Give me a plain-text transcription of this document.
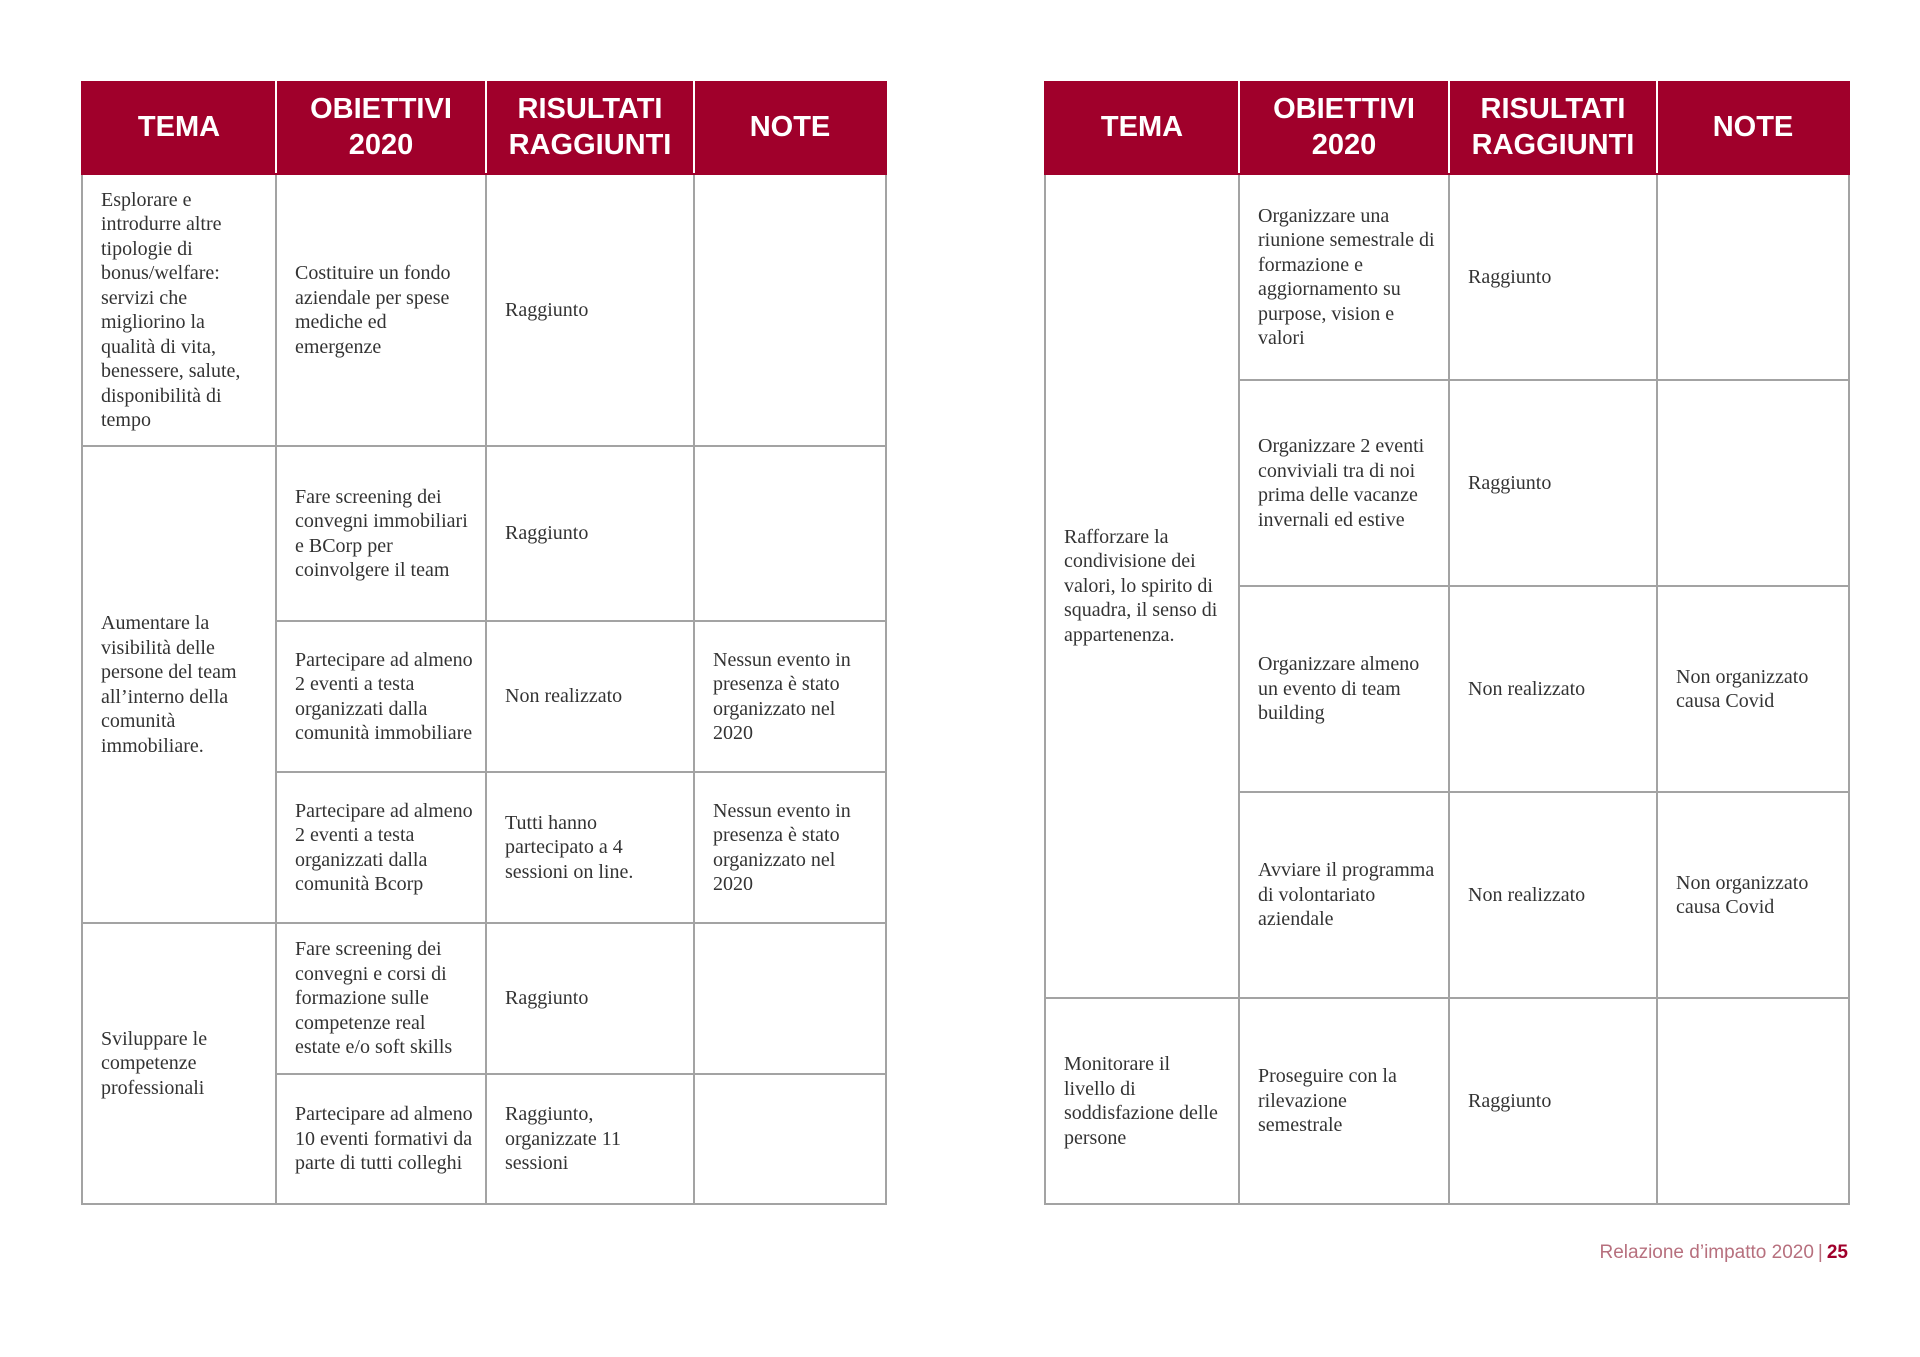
TEMA	OBIETTIVI 2020	RISULTATI RAGGIUNTI	NOTE
Esplorare e introdurre altre tipologie di bonus/welfare: servizi che migliorino la qualità di vita, benessere, salute, disponibilità di tempo	Costituire un fondo aziendale per spese mediche ed emergenze	Raggiunto	
Aumentare la visibilità delle persone del team all’interno della comunità immobiliare.	Fare screening dei convegni immobiliari e BCorp per coinvolgere il team	Raggiunto	
	Partecipare ad almeno 2 eventi a testa organizzati dalla comunità immobiliare	Non realizzato	Nessun evento in presenza è stato organizzato nel 2020
	Partecipare ad almeno 2 eventi a testa organizzati dalla comunità Bcorp	Tutti hanno partecipato a 4 sessioni on line.	Nessun evento in presenza è stato organizzato nel 2020
Sviluppare le competenze professionali	Fare screening dei convegni e corsi di formazione sulle competenze real estate e/o soft skills	Raggiunto	
	Partecipare ad almeno 10 eventi formativi da parte di tutti colleghi	Raggiunto, organizzate 11 sessioni	
TEMA	OBIETTIVI 2020	RISULTATI RAGGIUNTI	NOTE
Rafforzare la condivisione dei valori, lo spirito di squadra, il senso di appartenenza.	Organizzare una riunione semestrale di formazione e aggiornamento su purpose, vision e valori	Raggiunto	
	Organizzare 2 eventi conviviali tra di noi prima delle vacanze invernali ed estive	Raggiunto	
	Organizzare almeno un evento di team building	Non realizzato	Non organizzato causa Covid
	Avviare il programma di volontariato aziendale	Non realizzato	Non organizzato causa Covid
Monitorare il livello di soddisfazione delle persone	Proseguire con la rilevazione semestrale	Raggiunto	
Relazione d’impatto 2020 | 25
